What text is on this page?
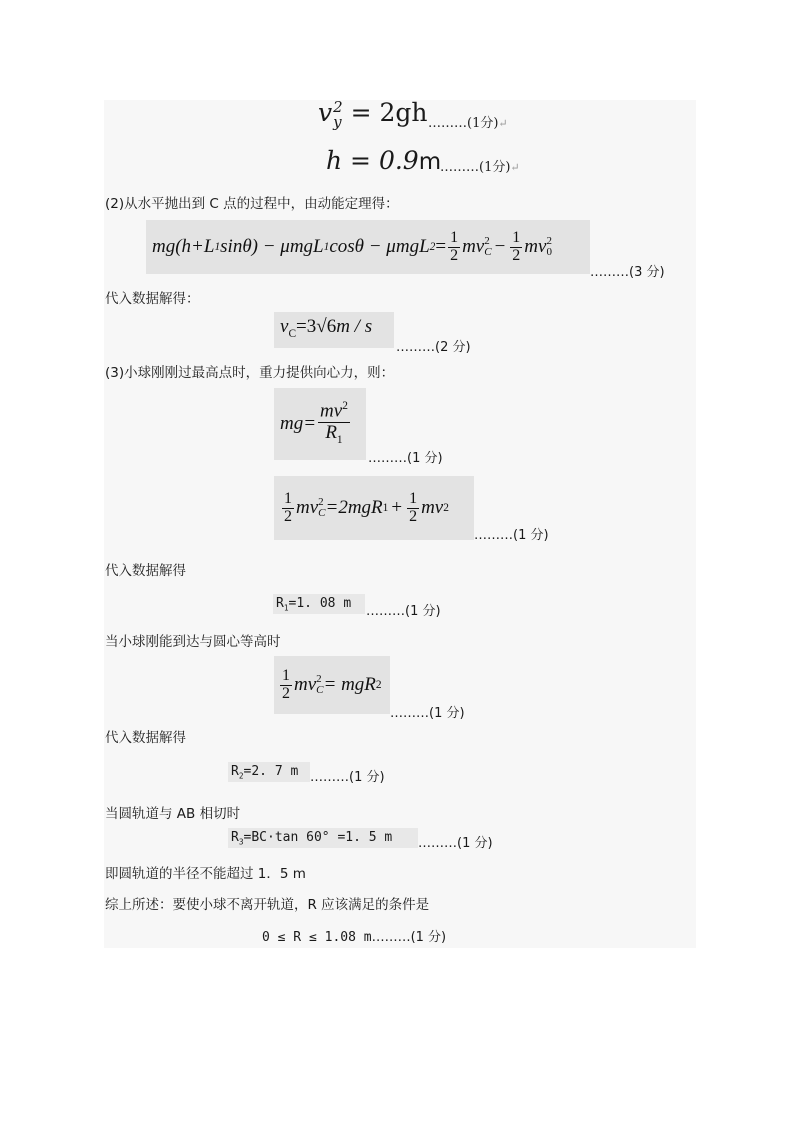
v 2
y = 2gh ………(1分)↵
h = 0.9m
………(1分)↵
(2)从水平抛出到 C 点的过程中，由动能定理得：
mg(h+L 1 sinθ) − μmgL 1 cosθ − μmgL $2 = \frac{1}{2}$ mv 2
$C - \frac{1}{2}$ mv 2
0
………(3 分)
代入数据解得：
$v_C=3√6m / s$
………(2 分)
(3)小球刚刚过最高点时，重力提供向心力，则：
$mg= \frac{mv^2}{R_1}$
………(1 分)
$\frac{1}{2}$ mv 2
C =2mgR $1 + \frac{1}{2}$ mv 2
………(1 分)
代入数据解得
$R_1=1$. 08 m
………(1 分)
当小球刚能到达与圆心等高时
$\frac{1}{2}$ mv 2
C = mgR 2
………(1 分)
代入数据解得
$R_2=2$. 7 m ………(1 分)
当圆轨道与 AB 相切时
$R_3=BC\cdot\tan$ 60° =1. 5 m ………(1 分)
即圆轨道的半径不能超过 1．5 m
综上所述：要使小球不离开轨道，R 应该满足的条件是
0 ≤ R ≤ 1.08 m………(1 分)
